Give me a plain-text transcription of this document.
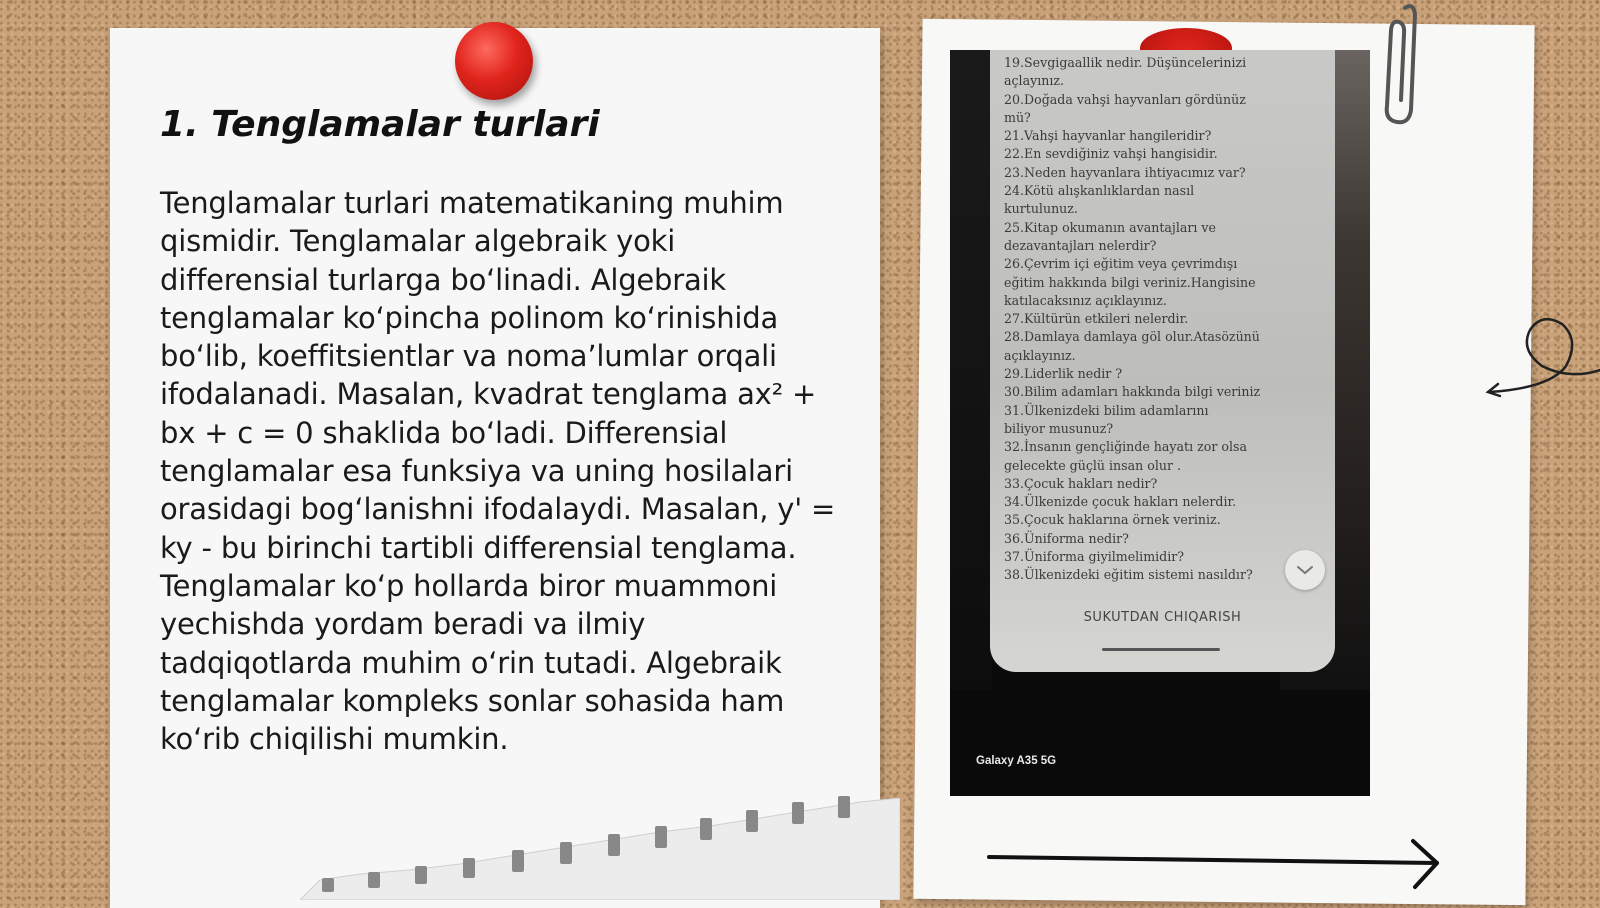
1. Tenglamalar turlari

Tenglamalar turlari matematikaning muhim qismidir. Tenglamalar algebraik yoki differensial turlarga bo‘linadi. Algebraik tenglamalar ko‘pincha polinom ko‘rinishida bo‘lib, koeffitsientlar va noma’lumlar orqali ifodalanadi. Masalan, kvadrat tenglama ax² + bx + c = 0 shaklida bo‘ladi. Differensial tenglamalar esa funksiya va uning hosilalari orasidagi bog‘lanishni ifodalaydi. Masalan, y' = ky - bu birinchi tartibli differensial tenglama. Tenglamalar ko‘p hollarda biror muammoni yechishda yordam beradi va ilmiy tadqiqotlarda muhim o‘rin tutadi. Algebraik tenglamalar kompleks sonlar sohasida ham ko‘rib chiqilishi mumkin.

19.Sevgigaallik nedir. Düşüncelerinizi
açlayınız.
20.Doğada vahşi hayvanları gördünüz
mü?
21.Vahşi hayvanlar hangileridir?
22.En sevdiğiniz vahşi hangisidir.
23.Neden hayvanlara ihtiyacımız var?
24.Kötü alışkanlıklardan nasıl
kurtulunuz.
25.Kitap okumanın avantajları ve
dezavantajları nelerdir?
26.Çevrim içi eğitim veya çevrimdışı
eğitim hakkında bilgi veriniz.Hangisine
katılacaksınız açıklayınız.
27.Kültürün etkileri nelerdir.
28.Damlaya damlaya göl olur.Atasözünü
açıklayınız.
29.Liderlik nedir ?
30.Bilim adamları hakkında bilgi veriniz
31.Ülkenizdeki bilim adamlarını
biliyor musunuz?
32.İnsanın gençliğinde hayatı zor olsa
gelecekte güçlü insan olur .
33.Çocuk hakları nedir?
34.Ülkenizde çocuk hakları nelerdir.
35.Çocuk haklarına örnek veriniz.
36.Üniforma nedir?
37.Üniforma giyilmelimidir?
38.Ülkenizdeki eğitim sistemi nasıldır?
SUKUTDAN CHIQARISH
Galaxy A35 5G
